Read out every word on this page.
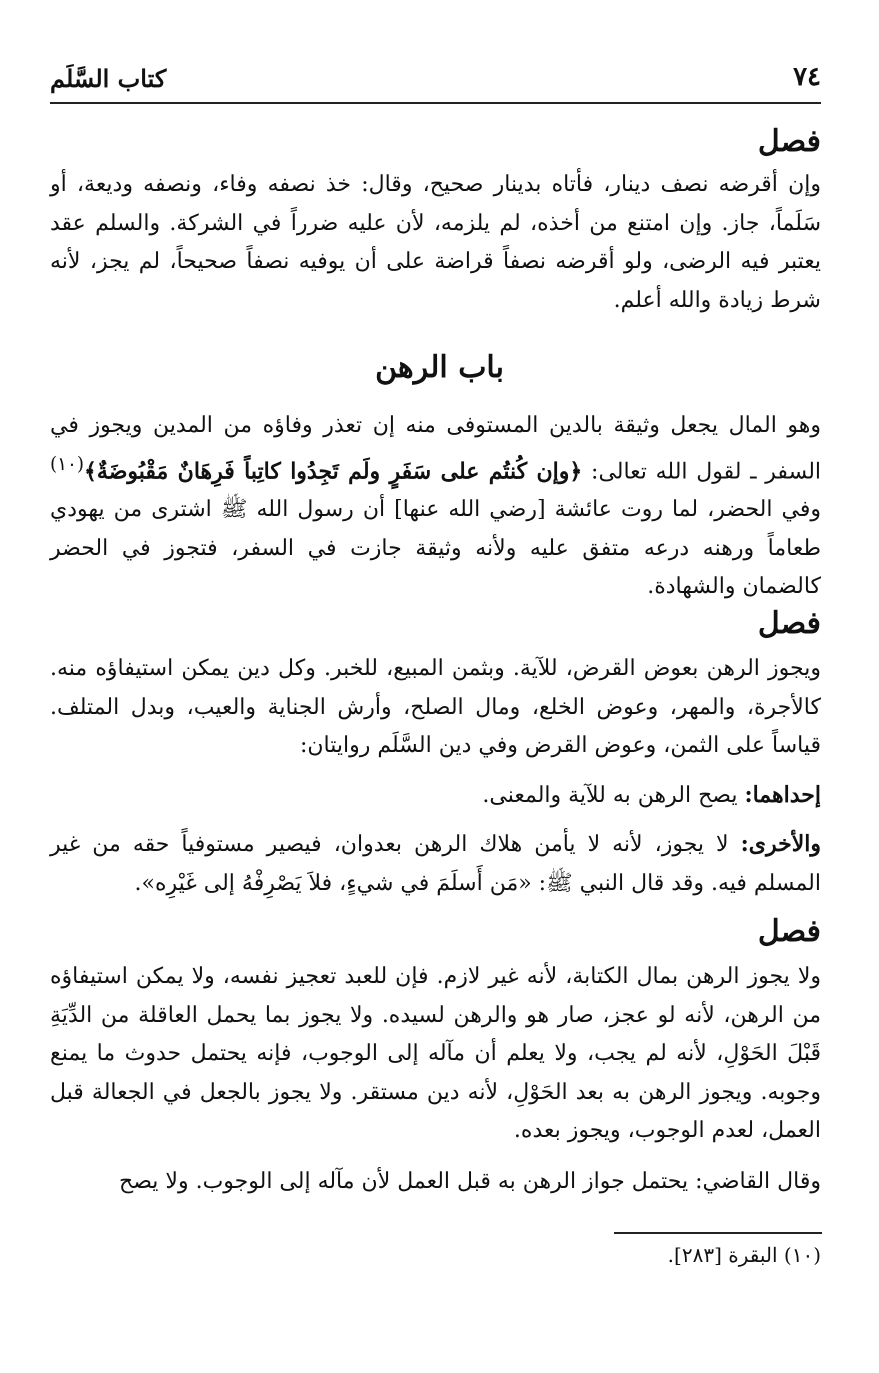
٧٤
كتاب السَّلَم
فصل

وإن أقرضه نصف دينار، فأتاه بدينار صحيح، وقال: خذ نصفه وفاء، ونصفه وديعة، أو سَلَماً، جاز. وإن امتنع من أخذه، لم يلزمه، لأن عليه ضرراً في الشركة. والسلم عقد يعتبر فيه الرضى، ولو أقرضه نصفاً قراضة على أن يوفيه نصفاً صحيحاً، لم يجز، لأنه شرط زيادة والله أعلم.

باب الرهن

وهو المال يجعل وثيقة بالدين المستوفى منه إن تعذر وفاؤه من المدين ويجوز في السفر ـ لقول الله تعالى: ﴿وإن كُنتُم على سَفَرٍ ولَم تَجِدُوا كاتِباً فَرِهَانٌ مَقْبُوضَةٌ﴾$^{(١٠)}$ وفي الحضر، لما روت عائشة [رضي الله عنها] أن رسول الله ﷺ اشترى من يهودي طعاماً ورهنه درعه متفق عليه ولأنه وثيقة جازت في السفر، فتجوز في الحضر كالضمان والشهادة.

فصل

ويجوز الرهن بعوض القرض، للآية. وبثمن المبيع، للخبر. وكل دين يمكن استيفاؤه منه. كالأجرة، والمهر، وعوض الخلع، ومال الصلح، وأرش الجناية والعيب، وبدل المتلف. قياساً على الثمن، وعوض القرض وفي دين السَّلَم روايتان:

إحداهما: يصح الرهن به للآية والمعنى.

والأخرى: لا يجوز، لأنه لا يأمن هلاك الرهن بعدوان، فيصير مستوفياً حقه من غير المسلم فيه. وقد قال النبي ﷺ: «مَن أَسلَمَ في شيءٍ، فلاَ يَصْرِفْهُ إلى غَيْرِه».

فصل

ولا يجوز الرهن بمال الكتابة، لأنه غير لازم. فإن للعبد تعجيز نفسه، ولا يمكن استيفاؤه من الرهن، لأنه لو عجز، صار هو والرهن لسيده. ولا يجوز بما يحمل العاقلة من الدِّيَةِ قَبْلَ الحَوْلِ، لأنه لم يجب، ولا يعلم أن مآله إلى الوجوب، فإنه يحتمل حدوث ما يمنع وجوبه. ويجوز الرهن به بعد الحَوْلِ، لأنه دين مستقر. ولا يجوز بالجعل في الجعالة قبل العمل، لعدم الوجوب، ويجوز بعده.

وقال القاضي: يحتمل جواز الرهن به قبل العمل لأن مآله إلى الوجوب. ولا يصح

(١٠) البقرة [٢٨٣].
